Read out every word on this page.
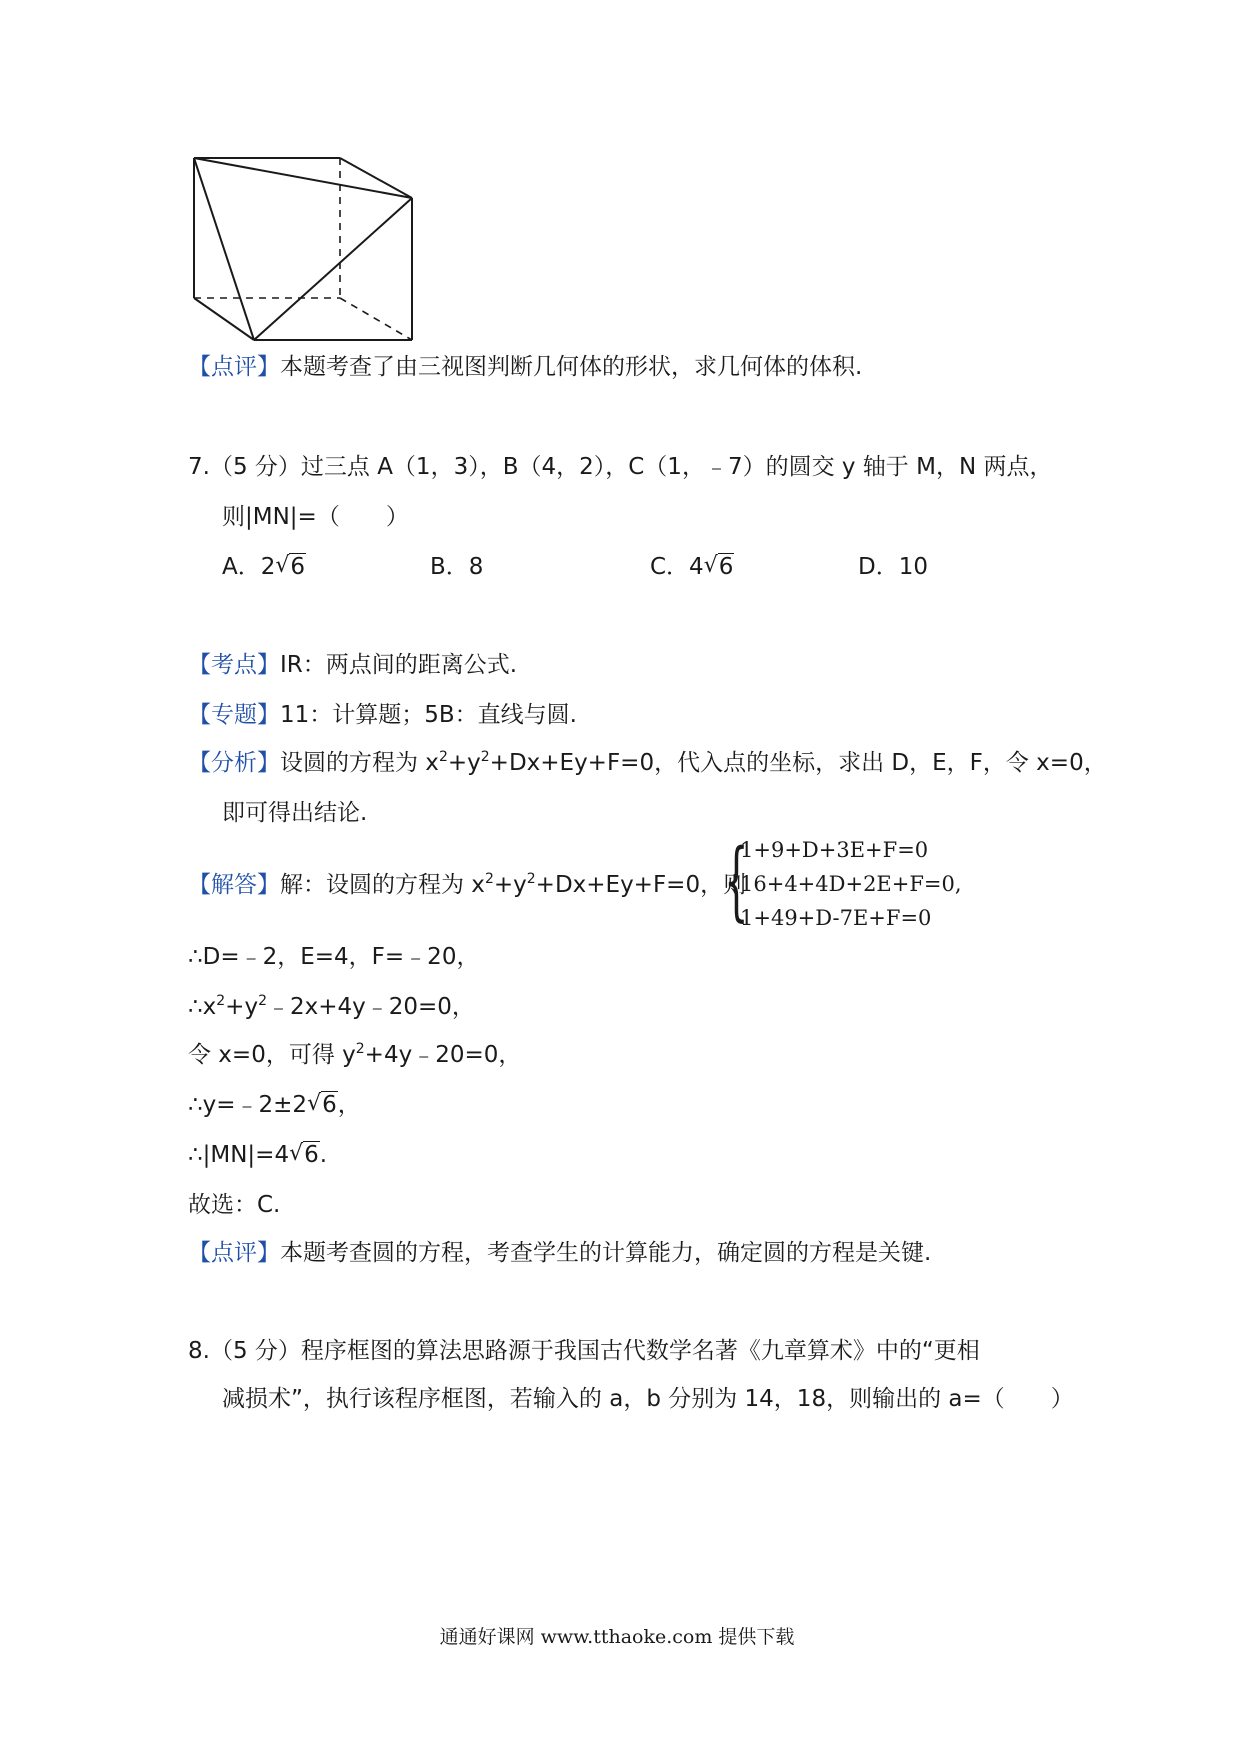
【点评】本题考查了由三视图判断几何体的形状，求几何体的体积.
7.（5 分）过三点 A（1，3），B（4，2），C（1，﹣7）的圆交 y 轴于 M，N 两点，
则|MN|=（　　）
A．2 √ 6	B．8	C．4 √ 6	D．10
【考点】IR：两点间的距离公式.
【专题】11：计算题；5B：直线与圆.
【分析】设圆的方程为 $x^2+y^2+Dx+Ey+F=0$，代入点的坐标，求出 D，E，F，令 x=0，
即可得出结论.
【解答】解：设圆的方程为 $x^2+y^2+Dx+Ey+F=0$，则
{
1+9+D+3E+F=0
16+4+4D+2E+F=0,
1+49+D-7E+F=0
∴D=﹣2，E=4，F=﹣20，
$\therefore x^2+y^2﹣2x+4y﹣20=0$，
令 x=0，可得 $y^2+4y﹣20=0$，
∴y=﹣2±2 √ 6，
∴|MN|=4 √ 6.
故选：C.
【点评】本题考查圆的方程，考查学生的计算能力，确定圆的方程是关键.
8.（5 分）程序框图的算法思路源于我国古代数学名著《九章算术》中的“更相
减损术”，执行该程序框图，若输入的 a，b 分别为 14，18，则输出的 a=（　　）
通通好课网 www.tthaoke.com 提供下载
